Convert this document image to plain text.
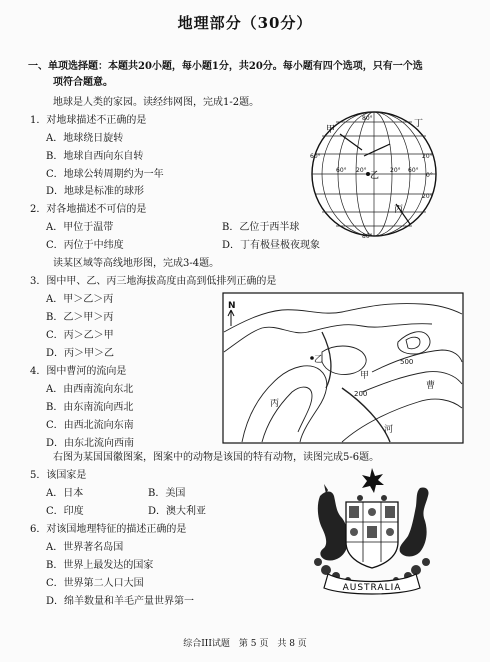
地理部分（30分）
一、单项选择题：本题共20小题，每小题1分，共20分。每小题有四个选项，只有一个选
项符合题意。
地球是人类的家园。读经纬网图，完成1-2题。
1．对地球描述不正确的是
A．地球绕日旋转
B．地球自西向东自转
C．地球公转周期约为一年
D．地球是标准的球形
2．对各地描述不可信的是
A．甲位于温带	B．乙位于西半球
C．丙位于中纬度	D．丁有极昼极夜现象
甲
乙
丙
丁
60°	20°
0°
20°
60° 20°	20° 60°
80°
80°
读某区域等高线地形图，完成3-4题。
3．图中甲、乙、丙三地海拔高度由高到低排列正确的是
A．甲＞乙＞丙
B．乙＞甲＞丙
C．丙＞乙＞甲
D．丙＞甲＞乙
4．图中曹河的流向是
A．由西南流向东北
B．由东南流向西北
C．由西北流向东南
D．由东北流向西南
N
乙
甲
丙
500
200
曹
河
右图为某国国徽图案，图案中的动物是该国的特有动物，读图完成5-6题。
5．该国家是
A．日本	B．美国
C．印度	D．澳大利亚
6．对该国地理特征的描述正确的是
A．世界著名岛国
B．世界上最发达的国家
C．世界第二人口大国
D．绵羊数量和羊毛产量世界第一
AUSTRALIA
综合III试题　第 5 页　共 8 页
